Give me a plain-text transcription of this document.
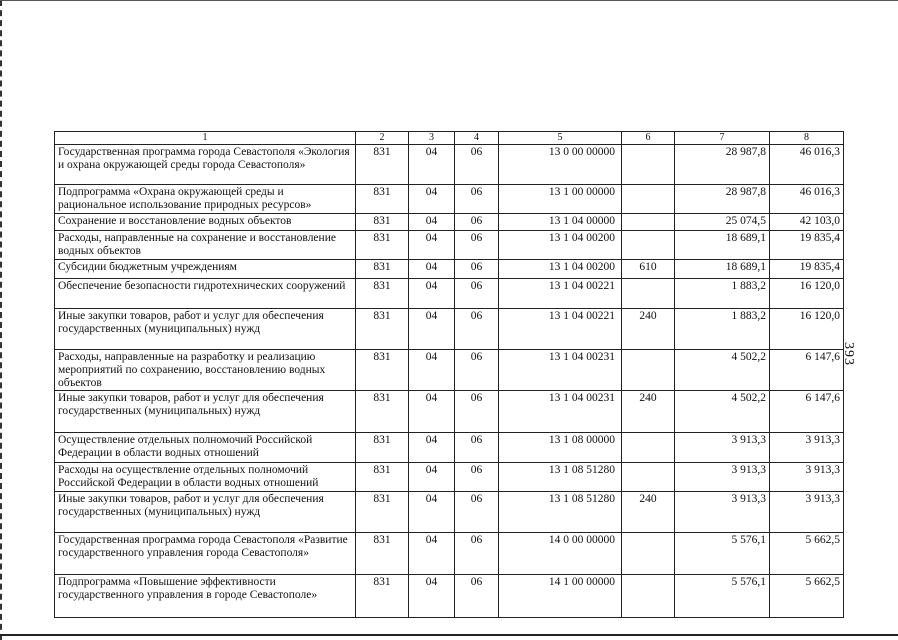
393
1	2	3	4	5	6	7	8
Государственная программа города Севастополя «Экология и охрана окружающей среды города Севастополя»	831	04	06	13 0 00 00000		28 987,8	46 016,3
Подпрограмма «Охрана окружающей среды и рациональное использование природных ресурсов»	831	04	06	13 1 00 00000		28 987,8	46 016,3
Сохранение и восстановление водных объектов	831	04	06	13 1 04 00000		25 074,5	42 103,0
Расходы, направленные на сохранение и восстановление водных объектов	831	04	06	13 1 04 00200		18 689,1	19 835,4
Субсидии бюджетным учреждениям	831	04	06	13 1 04 00200	610	18 689,1	19 835,4
Обеспечение безопасности гидротехнических сооружений	831	04	06	13 1 04 00221		1 883,2	16 120,0
Иные закупки товаров, работ и услуг для обеспечения государственных (муниципальных) нужд	831	04	06	13 1 04 00221	240	1 883,2	16 120,0
Расходы, направленные на разработку и реализацию мероприятий по сохранению, восстановлению водных объектов	831	04	06	13 1 04 00231		4 502,2	6 147,6
Иные закупки товаров, работ и услуг для обеспечения государственных (муниципальных) нужд	831	04	06	13 1 04 00231	240	4 502,2	6 147,6
Осуществление отдельных полномочий Российской Федерации в области водных отношений	831	04	06	13 1 08 00000		3 913,3	3 913,3
Расходы на осуществление отдельных полномочий Российской Федерации в области водных отношений	831	04	06	13 1 08 51280		3 913,3	3 913,3
Иные закупки товаров, работ и услуг для обеспечения государственных (муниципальных) нужд	831	04	06	13 1 08 51280	240	3 913,3	3 913,3
Государственная программа города Севастополя «Развитие государственного управления города Севастополя»	831	04	06	14 0 00 00000		5 576,1	5 662,5
Подпрограмма «Повышение эффективности государственного управления в городе Севастополе»	831	04	06	14 1 00 00000		5 576,1	5 662,5
